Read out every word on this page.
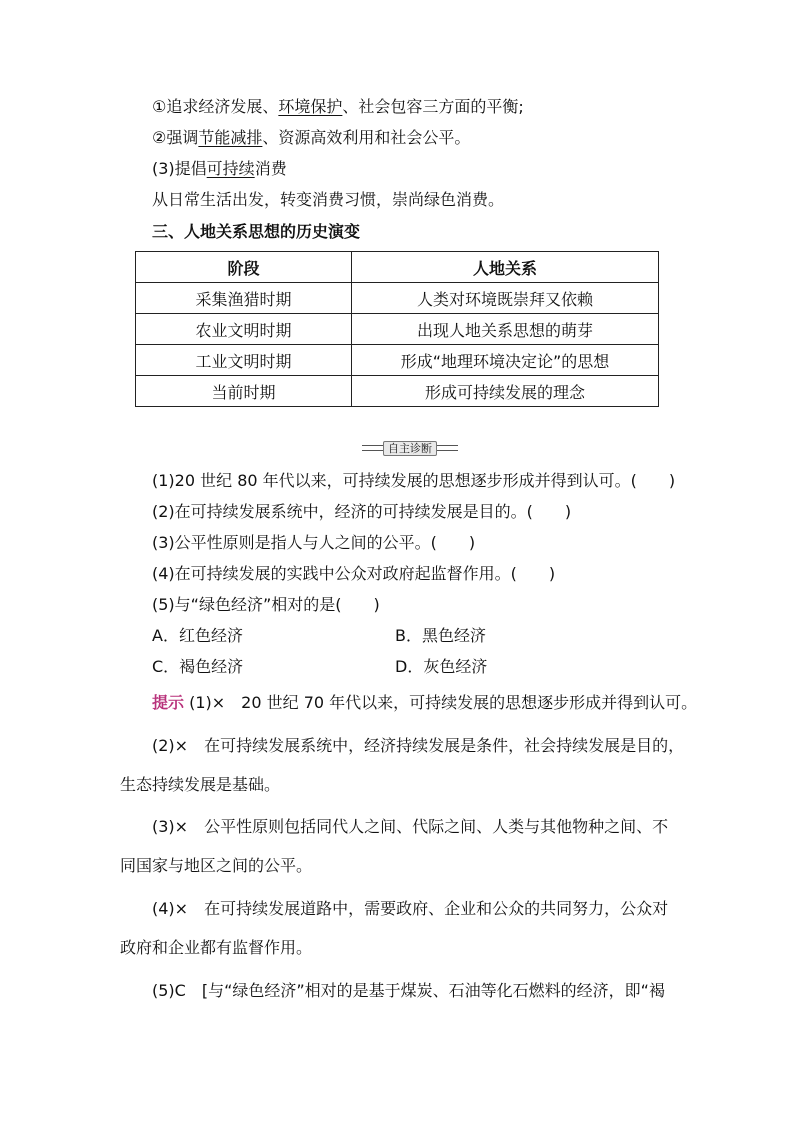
①追求经济发展、环境保护、社会包容三方面的平衡;
②强调节能减排、资源高效利用和社会公平。
(3)提倡可持续消费
从日常生活出发，转变消费习惯，崇尚绿色消费。
三、人地关系思想的历史演变
阶段	人地关系
采集渔猎时期	人类对环境既崇拜又依赖
农业文明时期	出现人地关系思想的萌芽
工业文明时期	形成“地理环境决定论”的思想
当前时期	形成可持续发展的理念
自主诊断
(1)20 世纪 80 年代以来，可持续发展的思想逐步形成并得到认可。(　　)
(2)在可持续发展系统中，经济的可持续发展是目的。(　　)
(3)公平性原则是指人与人之间的公平。(　　)
(4)在可持续发展的实践中公众对政府起监督作用。(　　)
(5)与“绿色经济”相对的是(　　)
A．红色经济	B．黑色经济
C．褐色经济	D．灰色经济
提示 (1)×　20 世纪 70 年代以来，可持续发展的思想逐步形成并得到认可。
(2)×　在可持续发展系统中，经济持续发展是条件，社会持续发展是目的，
生态持续发展是基础。
(3)×　公平性原则包括同代人之间、代际之间、人类与其他物种之间、不
同国家与地区之间的公平。
(4)×　在可持续发展道路中，需要政府、企业和公众的共同努力，公众对
政府和企业都有监督作用。
(5)C　[与“绿色经济”相对的是基于煤炭、石油等化石燃料的经济，即“褐
